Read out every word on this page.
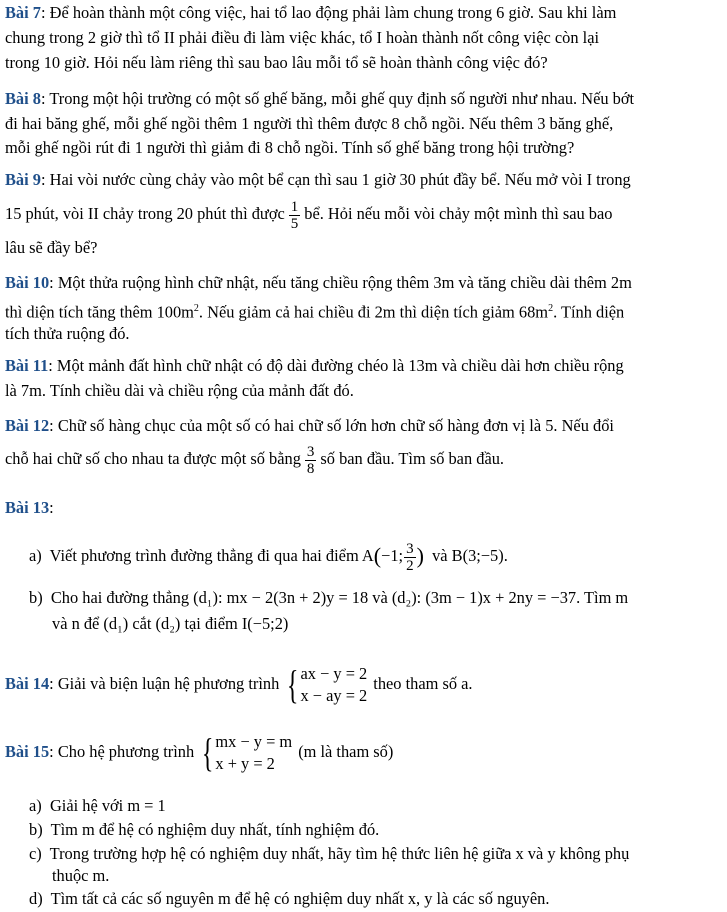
Bài 7: Để hoàn thành một công việc, hai tổ lao động phải làm chung trong 6 giờ. Sau khi làm
chung trong 2 giờ thì tổ II phải điều đi làm việc khác, tổ I hoàn thành nốt công việc còn lại
trong 10 giờ. Hỏi nếu làm riêng thì sau bao lâu mỗi tổ sẽ hoàn thành công việc đó?
Bài 8: Trong một hội trường có một số ghế băng, mỗi ghế quy định số người như nhau. Nếu bớt
đi hai băng ghế, mỗi ghế ngồi thêm 1 người thì thêm được 8 chỗ ngồi. Nếu thêm 3 băng ghế,
mỗi ghế ngồi rút đi 1 người thì giảm đi 8 chỗ ngồi. Tính số ghế băng trong hội trường?
Bài 9: Hai vòi nước cùng chảy vào một bể cạn thì sau 1 giờ 30 phút đầy bể. Nếu mở vòi I trong
15 phút, vòi II chảy trong 20 phút thì được $\frac{1}{5}$ bể. Hỏi nếu mỗi vòi chảy một mình thì sau bao
lâu sẽ đầy bể?
Bài 10: Một thửa ruộng hình chữ nhật, nếu tăng chiều rộng thêm 3m và tăng chiều dài thêm 2m
thì diện tích tăng thêm $100m^2$. Nếu giảm cả hai chiều đi 2m thì diện tích giảm $68m^2$. Tính diện
tích thửa ruộng đó.
Bài 11: Một mảnh đất hình chữ nhật có độ dài đường chéo là 13m và chiều dài hơn chiều rộng
là 7m. Tính chiều dài và chiều rộng của mảnh đất đó.
Bài 12: Chữ số hàng chục của một số có hai chữ số lớn hơn chữ số hàng đơn vị là 5. Nếu đổi
chỗ hai chữ số cho nhau ta được một số bằng $\frac{3}{8}$ số ban đầu. Tìm số ban đầu.
Bài 13:
a) Viết phương trình đường thẳng đi qua hai điểm A(−1; $\frac{3}{2}$ ) và B(3;−5).
b) Cho hai đường thẳng (d₁): mx − 2(3n + 2)y = 18 và (d₂): (3m − 1)x + 2ny = −37. Tìm m
và n để (d₁) cắt (d₂) tại điểm I(−5;2)
Bài 14: Giải và biện luận hệ phương trình { ax − y = 2
x − ay = 2
theo tham số a.
Bài 15: Cho hệ phương trình { mx − y = m
x + y = 2
(m là tham số)
a) Giải hệ với m = 1
b) Tìm m để hệ có nghiệm duy nhất, tính nghiệm đó.
c) Trong trường hợp hệ có nghiệm duy nhất, hãy tìm hệ thức liên hệ giữa x và y không phụ
thuộc m.
d) Tìm tất cả các số nguyên m để hệ có nghiệm duy nhất x, y là các số nguyên.
